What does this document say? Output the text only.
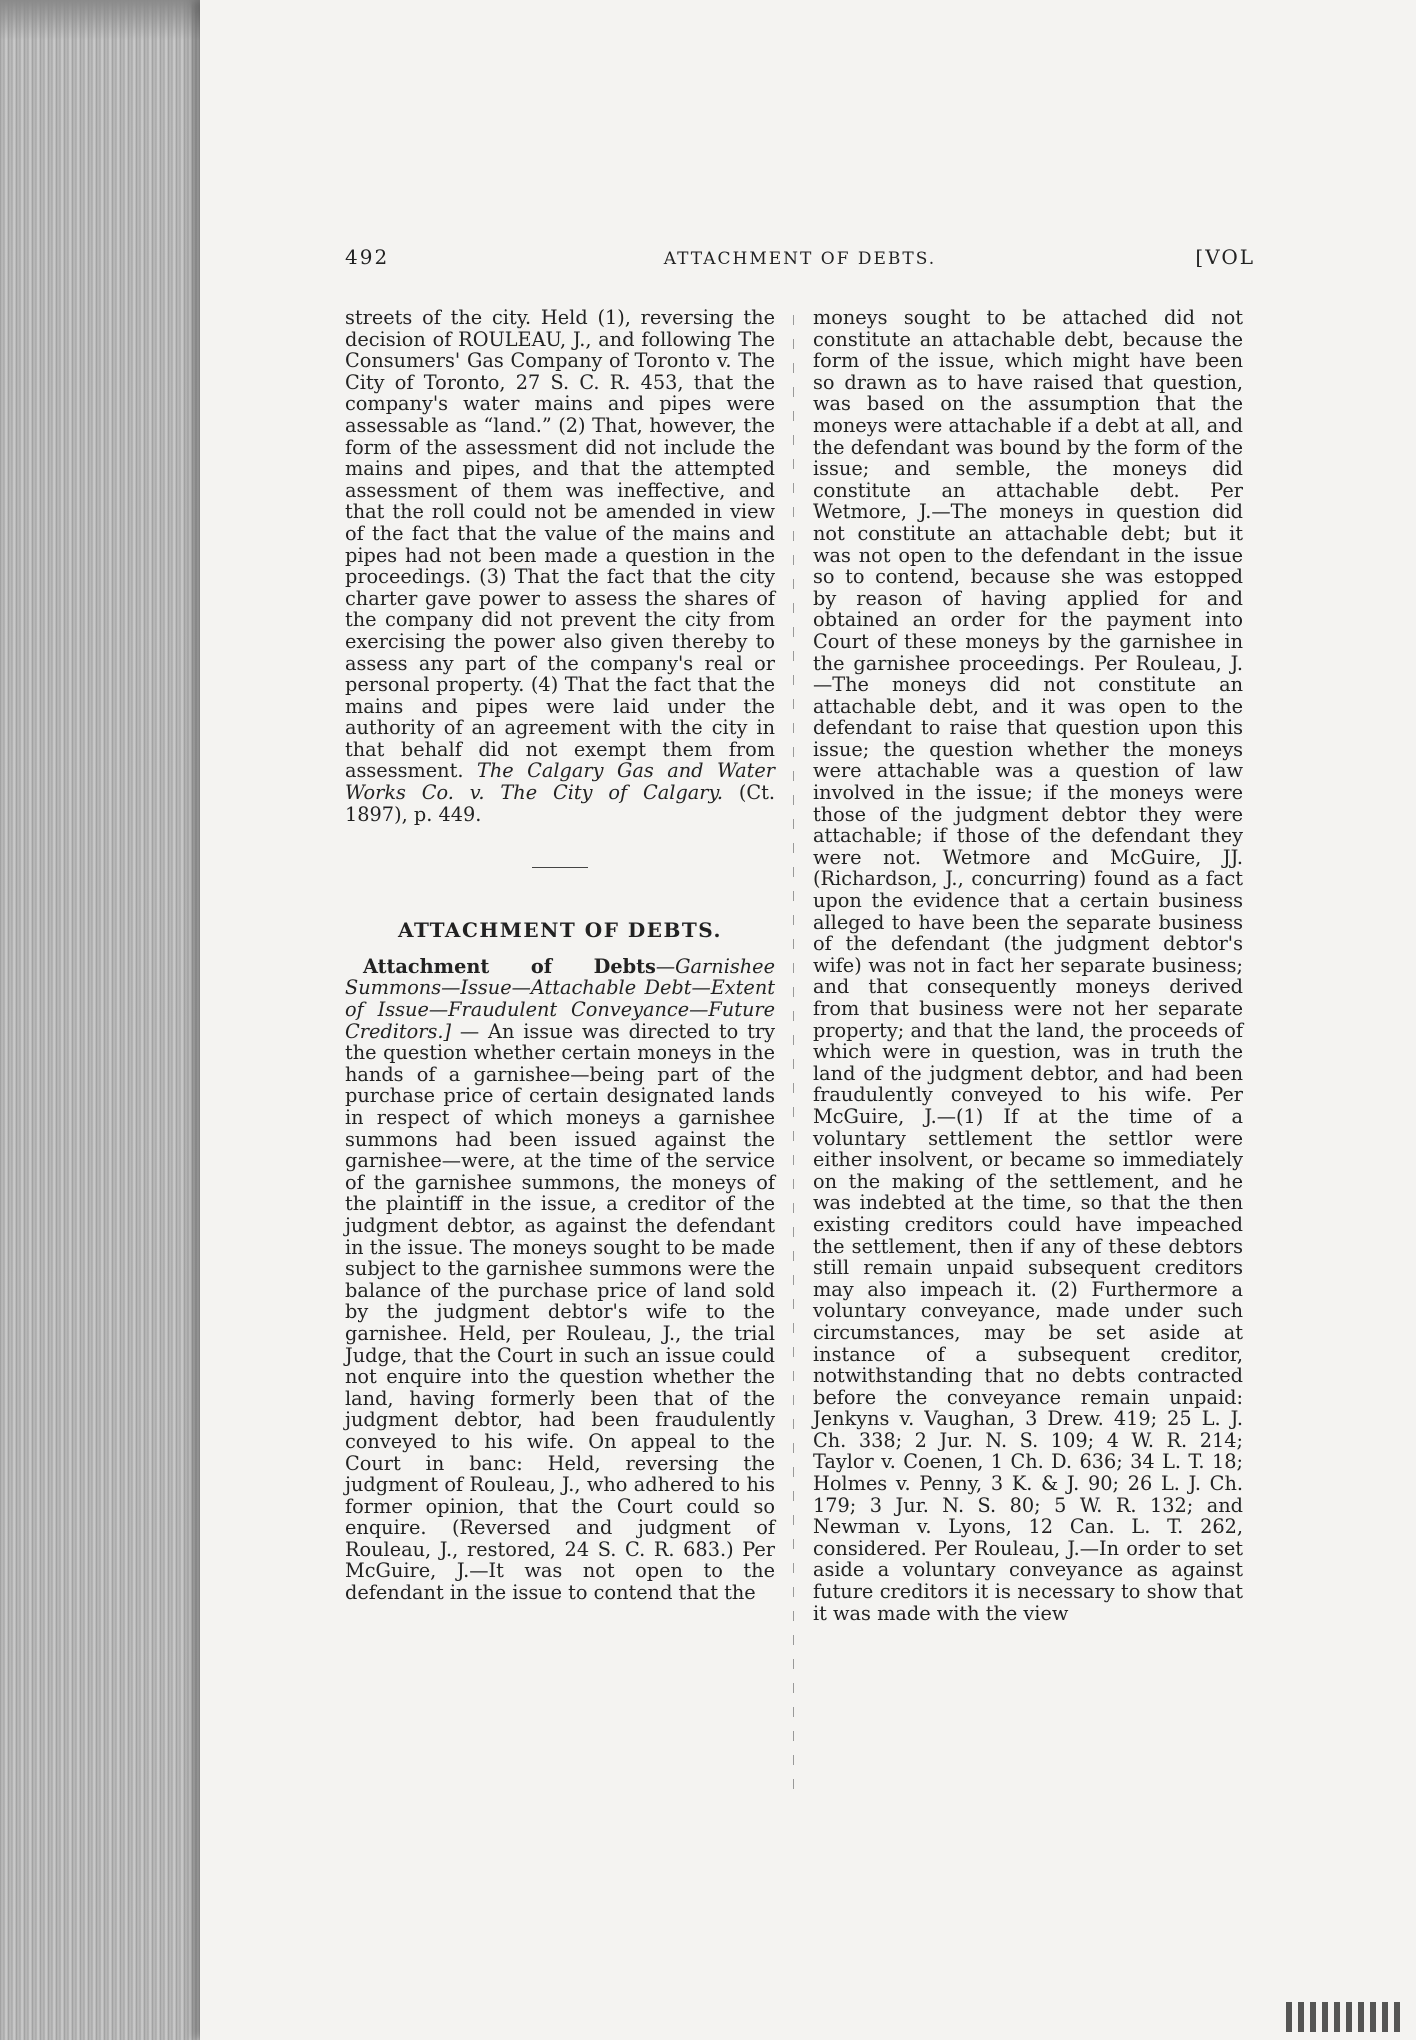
492	ATTACHMENT OF DEBTS.	[VOL

streets of the city. Held (1), reversing the decision of ROULEAU, J., and following The Consumers' Gas Company of Toronto v. The City of Toronto, 27 S. C. R. 453, that the company's water mains and pipes were assessable as “land.” (2) That, however, the form of the assessment did not include the mains and pipes, and that the attempted assessment of them was ineffective, and that the roll could not be amended in view of the fact that the value of the mains and pipes had not been made a question in the proceedings. (3) That the fact that the city charter gave power to assess the shares of the company did not prevent the city from exercising the power also given thereby to assess any part of the company's real or personal property. (4) That the fact that the mains and pipes were laid under the authority of an agreement with the city in that behalf did not exempt them from assessment. The Calgary Gas and Water Works Co. v. The City of Calgary. (Ct. 1897), p. 449.

ATTACHMENT OF DEBTS.

Attachment of Debts—Garnishee Summons—Issue—Attachable Debt—Extent of Issue—Fraudulent Conveyance—Future Creditors.] — An issue was directed to try the question whether certain moneys in the hands of a garnishee—being part of the purchase price of certain designated lands in respect of which moneys a garnishee summons had been issued against the garnishee—were, at the time of the service of the garnishee summons, the moneys of the plaintiff in the issue, a creditor of the judgment debtor, as against the defendant in the issue. The moneys sought to be made subject to the garnishee summons were the balance of the purchase price of land sold by the judgment debtor's wife to the garnishee. Held, per Rouleau, J., the trial Judge, that the Court in such an issue could not enquire into the question whether the land, having formerly been that of the judgment debtor, had been fraudulently conveyed to his wife. On appeal to the Court in banc: Held, reversing the judgment of Rouleau, J., who adhered to his former opinion, that the Court could so enquire. (Reversed and judgment of Rouleau, J., restored, 24 S. C. R. 683.) Per McGuire, J.—It was not open to the defendant in the issue to contend that the

moneys sought to be attached did not constitute an attachable debt, because the form of the issue, which might have been so drawn as to have raised that question, was based on the assumption that the moneys were attachable if a debt at all, and the defendant was bound by the form of the issue; and semble, the moneys did constitute an attachable debt. Per Wetmore, J.—The moneys in question did not constitute an attachable debt; but it was not open to the defendant in the issue so to contend, because she was estopped by reason of having applied for and obtained an order for the payment into Court of these moneys by the garnishee in the garnishee proceedings. Per Rouleau, J.—The moneys did not constitute an attachable debt, and it was open to the defendant to raise that question upon this issue; the question whether the moneys were attachable was a question of law involved in the issue; if the moneys were those of the judgment debtor they were attachable; if those of the defendant they were not. Wetmore and McGuire, JJ. (Richardson, J., concurring) found as a fact upon the evidence that a certain business alleged to have been the separate business of the defendant (the judgment debtor's wife) was not in fact her separate business; and that consequently moneys derived from that business were not her separate property; and that the land, the proceeds of which were in question, was in truth the land of the judgment debtor, and had been fraudulently conveyed to his wife. Per McGuire, J.—(1) If at the time of a voluntary settlement the settlor were either insolvent, or became so immediately on the making of the settlement, and he was indebted at the time, so that the then existing creditors could have impeached the settlement, then if any of these debtors still remain unpaid subsequent creditors may also impeach it. (2) Furthermore a voluntary conveyance, made under such circumstances, may be set aside at instance of a subsequent creditor, notwithstanding that no debts contracted before the conveyance remain unpaid: Jenkyns v. Vaughan, 3 Drew. 419; 25 L. J. Ch. 338; 2 Jur. N. S. 109; 4 W. R. 214; Taylor v. Coenen, 1 Ch. D. 636; 34 L. T. 18; Holmes v. Penny, 3 K. & J. 90; 26 L. J. Ch. 179; 3 Jur. N. S. 80; 5 W. R. 132; and Newman v. Lyons, 12 Can. L. T. 262, considered. Per Rouleau, J.—In order to set aside a voluntary conveyance as against future creditors it is necessary to show that it was made with the view
